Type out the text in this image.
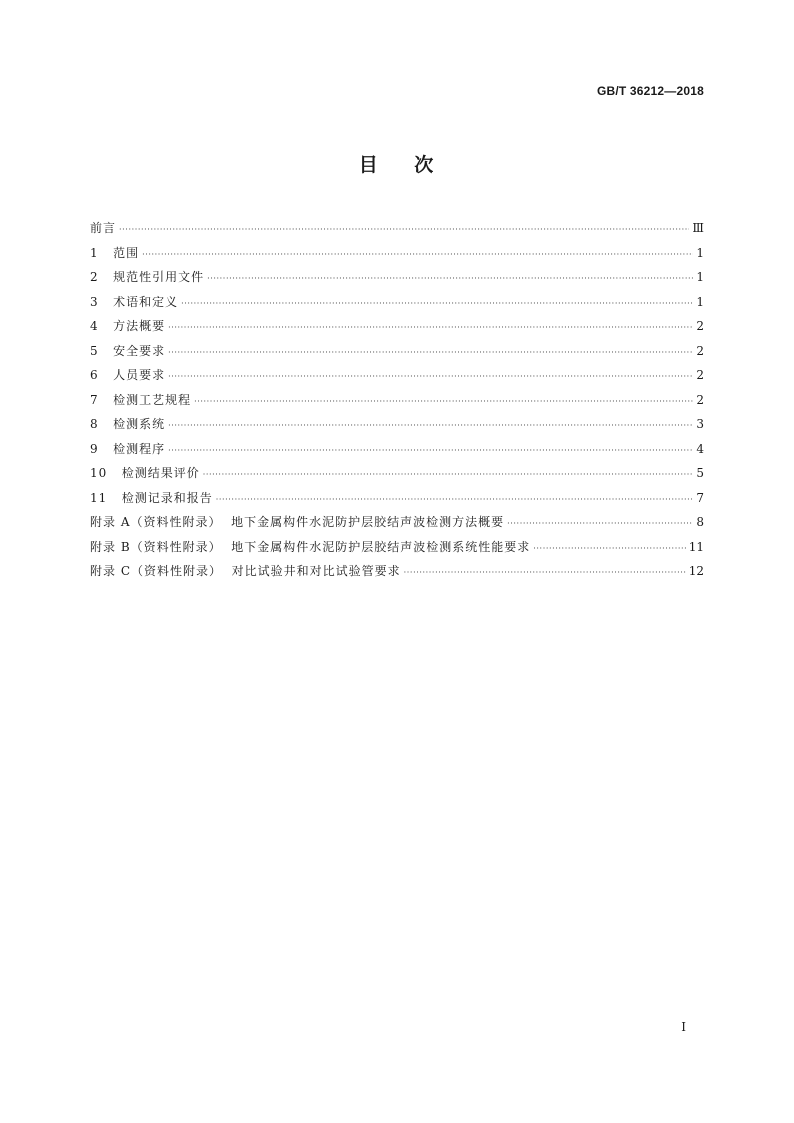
GB/T 36212—2018
目    次
前言 ·····	Ⅲ
1   范围 ·····	1
2   规范性引用文件 ·····	1
3   术语和定义 ·····	1
4   方法概要 ·····	2
5   安全要求 ·····	2
6   人员要求 ·····	2
7   检测工艺规程 ·····	2
8   检测系统 ·····	3
9   检测程序 ·····	4
10   检测结果评价 ·····	5
11   检测记录和报告 ·····	7
附录 A（资料性附录）  地下金属构件水泥防护层胶结声波检测方法概要 ·····	8
附录 B（资料性附录）  地下金属构件水泥防护层胶结声波检测系统性能要求 ·····	11
附录 C（资料性附录）  对比试验井和对比试验管要求 ·····	12
I
